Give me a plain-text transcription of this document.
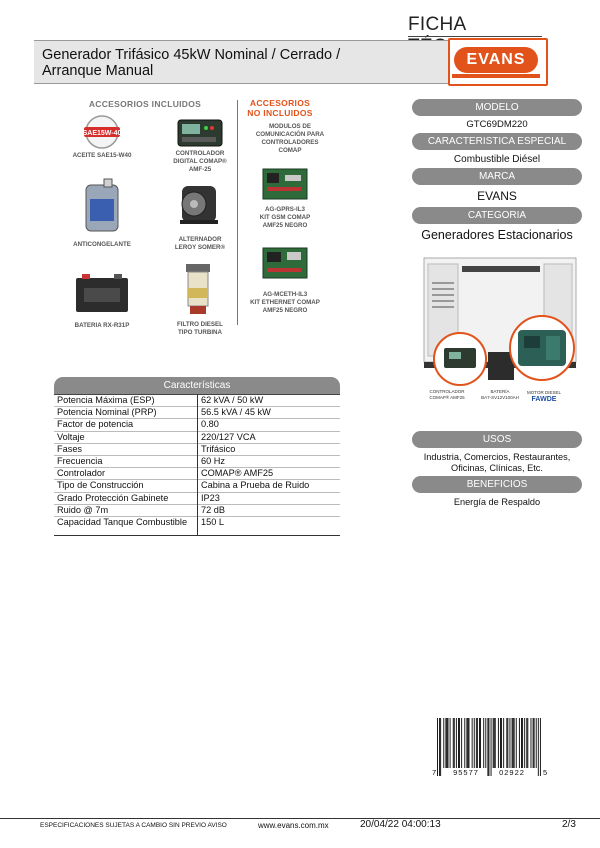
FICHA
Generador Trifásico 45kW Nominal / Cerrado /
Arranque Manual
EVANS
ACCESORIOS INCLUIDOS	ACCESORIOS
NO INCLUIDOS
MODULOS DE
COMUNICACIÓN PARA
CONTROLADORES
COMAP
SAE15W-40
ACEITE SAE15-W40	CONTROLADOR
DIGITAL COMAP®
AMF-25
ANTICONGELANTE
ALTERNADOR
LEROY SOMER®
BATERIA RX-R31P	FILTRO DIESEL
TIPO TURBINA
AG-GPRS-IL3
KIT GSM COMAP
AMF25 NEGRO
AG-MCETH-IL3
KIT ETHERNET COMAP
AMF25 NEGRO
MODELO
GTC69DM220
CARACTERISTICA ESPECIAL
Combustible Diésel
MARCA
EVANS
CATEGORIA
Generadores Estacionarios
CONTROLADOR
COMAP® AMF25
BATERÍA
BA7-SV12V100AH
MOTOR DIESEL
FAWDE
USOS
Industria, Comercios, Restaurantes,
Oficinas, Clínicas, Etc.
BENEFICIOS
Energía de Respaldo
Características
Potencia Máxima (ESP)	62 kVA / 50 kW
Potencia Nominal (PRP)	56.5 kVA / 45 kW
Factor de potencia	0.80
Voltaje	220/127 VCA
Fases	Trifásico
Frecuencia	60 Hz
Controlador	COMAP® AMF25
Tipo de Construcción	Cabina a Prueba de Ruido
Grado Protección Gabinete	IP23
Ruido @ 7m	72 dB
Capacidad Tanque Combustible	150 L
7	95577	02922	5
ESPECIFICACIONES SUJETAS A CAMBIO SIN PREVIO AVISO	www.evans.com.mx	20/04/22 04:00:13	2/3
